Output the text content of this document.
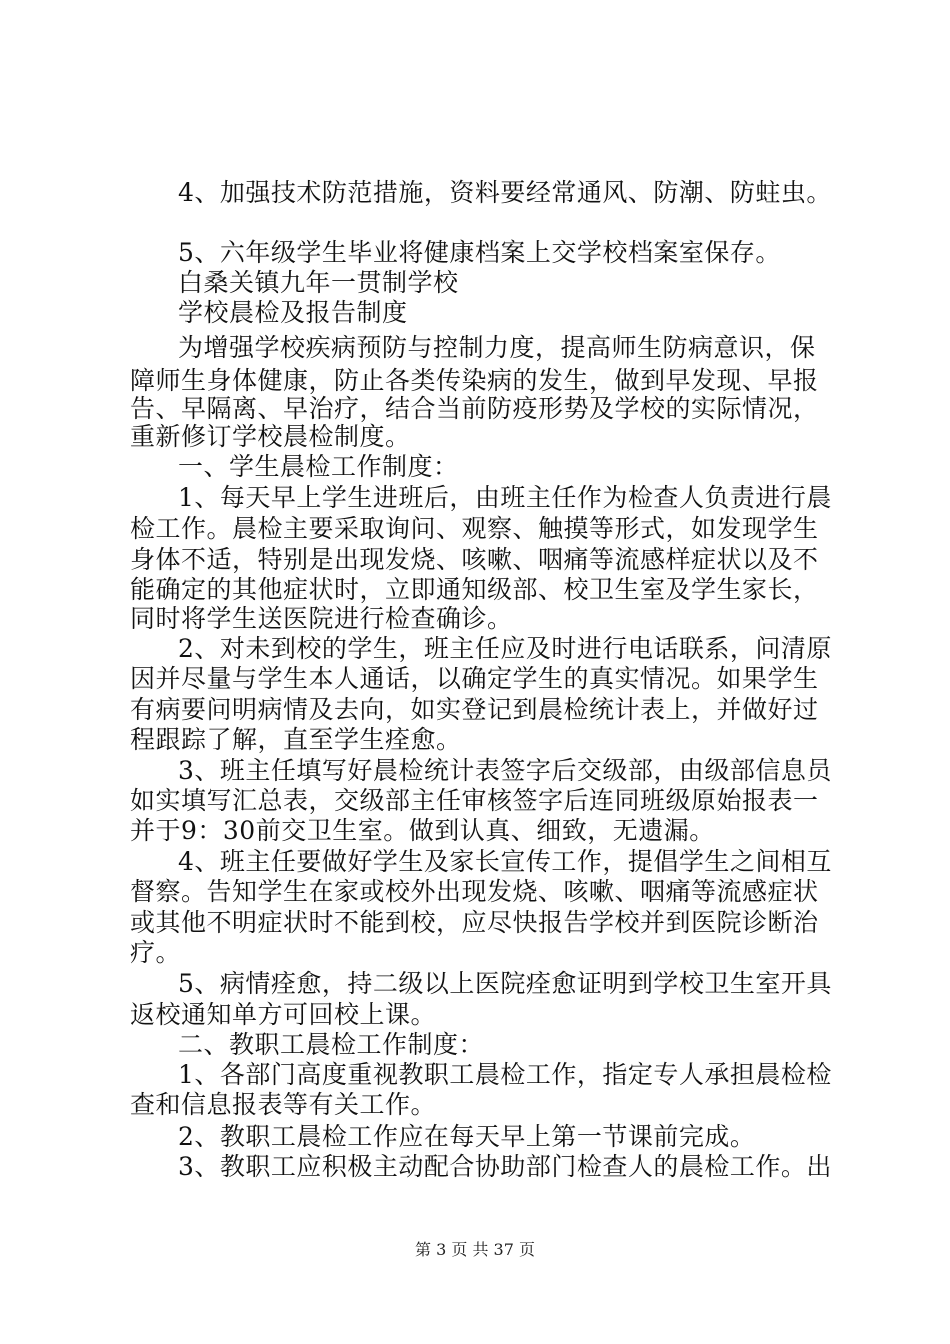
4、加强技术防范措施，资料要经常通风、防潮、防蛀虫。
5、六年级学生毕业将健康档案上交学校档案室保存。
白桑关镇九年一贯制学校
学校晨检及报告制度
为增强学校疾病预防与控制力度，提高师生防病意识，保
障师生身体健康，防止各类传染病的发生，做到早发现、早报
告、早隔离、早治疗，结合当前防疫形势及学校的实际情况，
重新修订学校晨检制度。
一、学生晨检工作制度：
1、每天早上学生进班后，由班主任作为检查人负责进行晨
检工作。晨检主要采取询问、观察、触摸等形式，如发现学生
身体不适，特别是出现发烧、咳嗽、咽痛等流感样症状以及不
能确定的其他症状时，立即通知级部、校卫生室及学生家长，
同时将学生送医院进行检查确诊。
2、对未到校的学生，班主任应及时进行电话联系，问清原
因并尽量与学生本人通话，以确定学生的真实情况。如果学生
有病要问明病情及去向，如实登记到晨检统计表上，并做好过
程跟踪了解，直至学生痊愈。
3、班主任填写好晨检统计表签字后交级部，由级部信息员
如实填写汇总表，交级部主任审核签字后连同班级原始报表一
并于9：30前交卫生室。做到认真、细致，无遗漏。
4、班主任要做好学生及家长宣传工作，提倡学生之间相互
督察。告知学生在家或校外出现发烧、咳嗽、咽痛等流感症状
或其他不明症状时不能到校，应尽快报告学校并到医院诊断治
疗。
5、病情痊愈，持二级以上医院痊愈证明到学校卫生室开具
返校通知单方可回校上课。
二、教职工晨检工作制度：
1、各部门高度重视教职工晨检工作，指定专人承担晨检检
查和信息报表等有关工作。
2、教职工晨检工作应在每天早上第一节课前完成。
3、教职工应积极主动配合协助部门检查人的晨检工作。出
第 3 页 共 37 页
